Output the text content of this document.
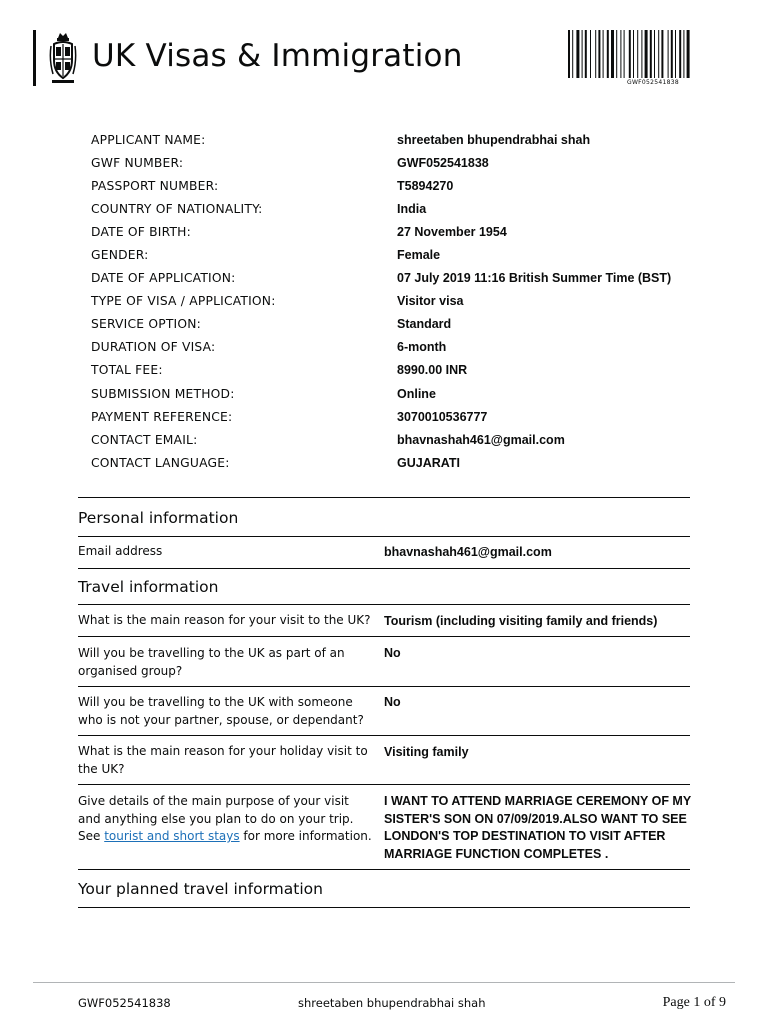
UK Visas & Immigration
GWF052541838
APPLICANT NAME:	shreetaben bhupendrabhai shah
GWF NUMBER:	GWF052541838
PASSPORT NUMBER:	T5894270
COUNTRY OF NATIONALITY:	India
DATE OF BIRTH:	27 November 1954
GENDER:	Female
DATE OF APPLICATION:	07 July 2019 11:16 British Summer Time (BST)
TYPE OF VISA / APPLICATION:	Visitor visa
SERVICE OPTION:	Standard
DURATION OF VISA:	6-month
TOTAL FEE:	8990.00 INR
SUBMISSION METHOD:	Online
PAYMENT REFERENCE:	3070010536777
CONTACT EMAIL:	bhavnashah461@gmail.com
CONTACT LANGUAGE:	GUJARATI
Personal information
Email address	bhavnashah461@gmail.com
Travel information
What is the main reason for your visit to the UK? Tourism (including visiting family and friends)
Will you be travelling to the UK as part of an organised group?
No
Will you be travelling to the UK with someone who is not your partner, spouse, or dependant?
No
What is the main reason for your holiday visit to the UK?
Visiting family
Give details of the main purpose of your visit and anything else you plan to do on your trip. See tourist and short stays for more information.
I WANT TO ATTEND MARRIAGE CEREMONY OF MY SISTER'S SON ON 07/09/2019.ALSO WANT TO SEE LONDON'S TOP DESTINATION TO VISIT AFTER MARRIAGE FUNCTION COMPLETES .
Your planned travel information
GWF052541838	shreetaben bhupendrabhai shah	Page 1 of 9
